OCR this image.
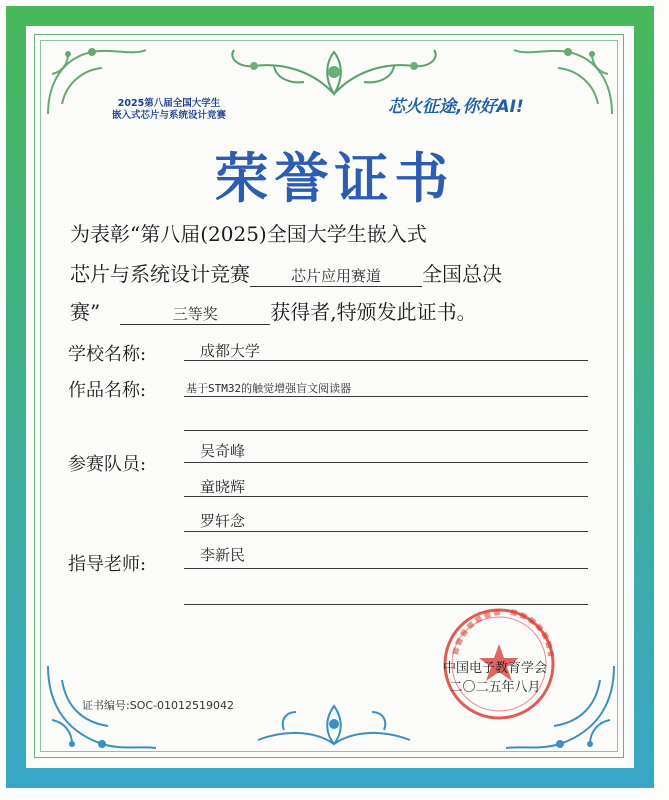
2025第八届全国大学生
嵌入式芯片与系统设计竞赛	芯火征途,你好AI!
荣誉证书
为表彰“第八届(2025)全国大学生嵌入式
芯片与系统设计竞赛	芯片应用赛道 全国总决
赛”	三等奖	获得者,特颁发此证书。
学校名称:	成都大学
作品名称:	基于STM32的触觉增强盲文阅读器
参赛队员:
吴奇峰
童晓辉
罗轩念
指导老师:	李新民
中国电子教育学会
二〇二五年八月
证书编号:SOC-01012519042
